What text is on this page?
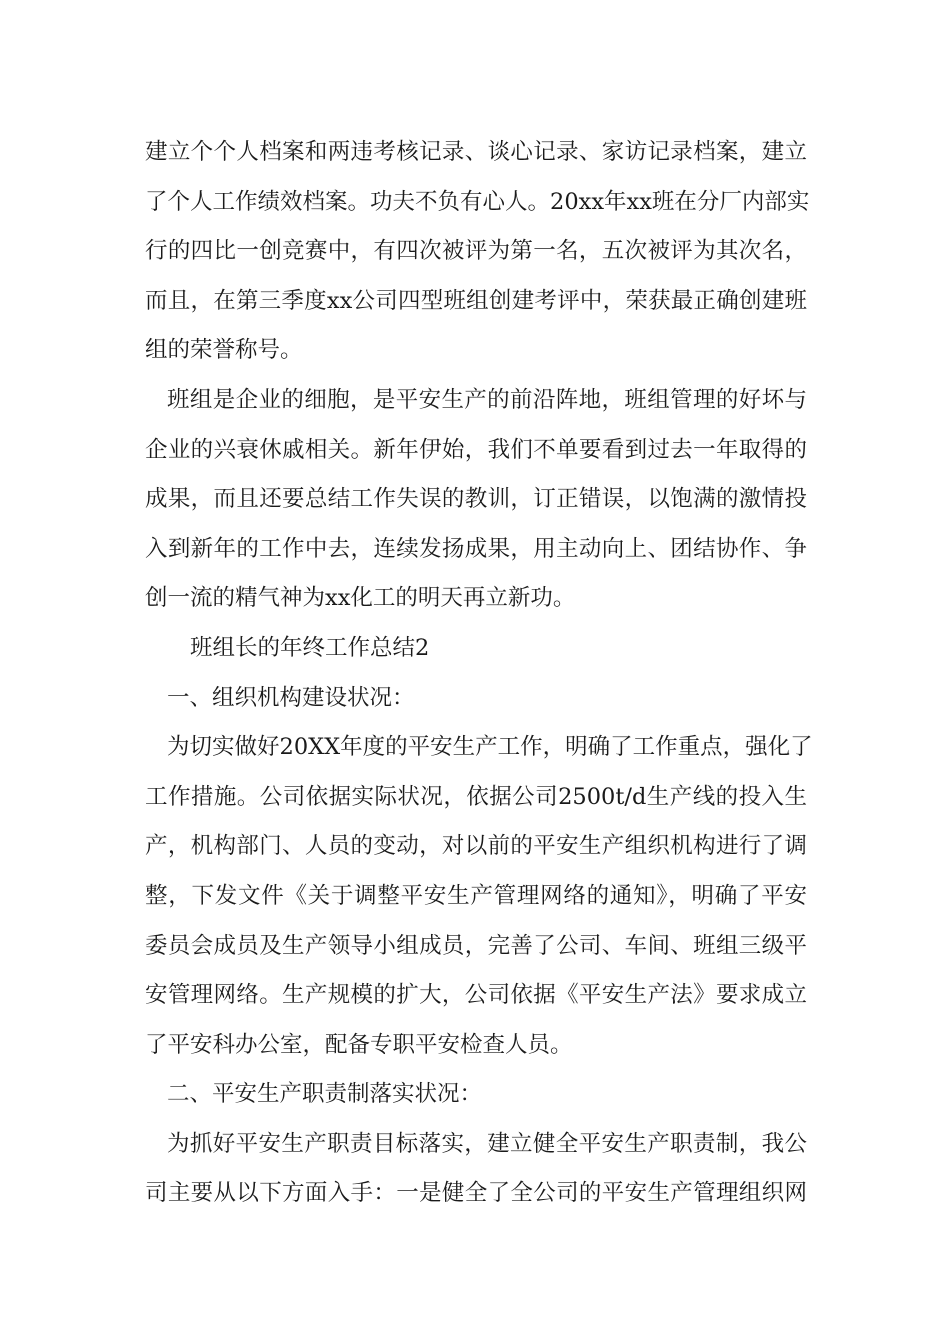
建立个个人档案和两违考核记录、谈心记录、家访记录档案，建立
了个人工作绩效档案。功夫不负有心人。20xx年xx班在分厂内部实
行的四比一创竞赛中，有四次被评为第一名，五次被评为其次名，
而且，在第三季度xx公司四型班组创建考评中，荣获最正确创建班
组的荣誉称号。
班组是企业的细胞，是平安生产的前沿阵地，班组管理的好坏与
企业的兴衰休戚相关。新年伊始，我们不单要看到过去一年取得的
成果，而且还要总结工作失误的教训，订正错误，以饱满的激情投
入到新年的工作中去，连续发扬成果，用主动向上、团结协作、争
创一流的精气神为xx化工的明天再立新功。
班组长的年终工作总结2
一、组织机构建设状况：
为切实做好20XX年度的平安生产工作，明确了工作重点，强化了
工作措施。公司依据实际状况，依据公司2500t/d生产线的投入生
产，机构部门、人员的变动，对以前的平安生产组织机构进行了调
整，下发文件《关于调整平安生产管理网络的通知》，明确了平安
委员会成员及生产领导小组成员，完善了公司、车间、班组三级平
安管理网络。生产规模的扩大，公司依据《平安生产法》要求成立
了平安科办公室，配备专职平安检查人员。
二、平安生产职责制落实状况：
为抓好平安生产职责目标落实，建立健全平安生产职责制，我公
司主要从以下方面入手：一是健全了全公司的平安生产管理组织网
